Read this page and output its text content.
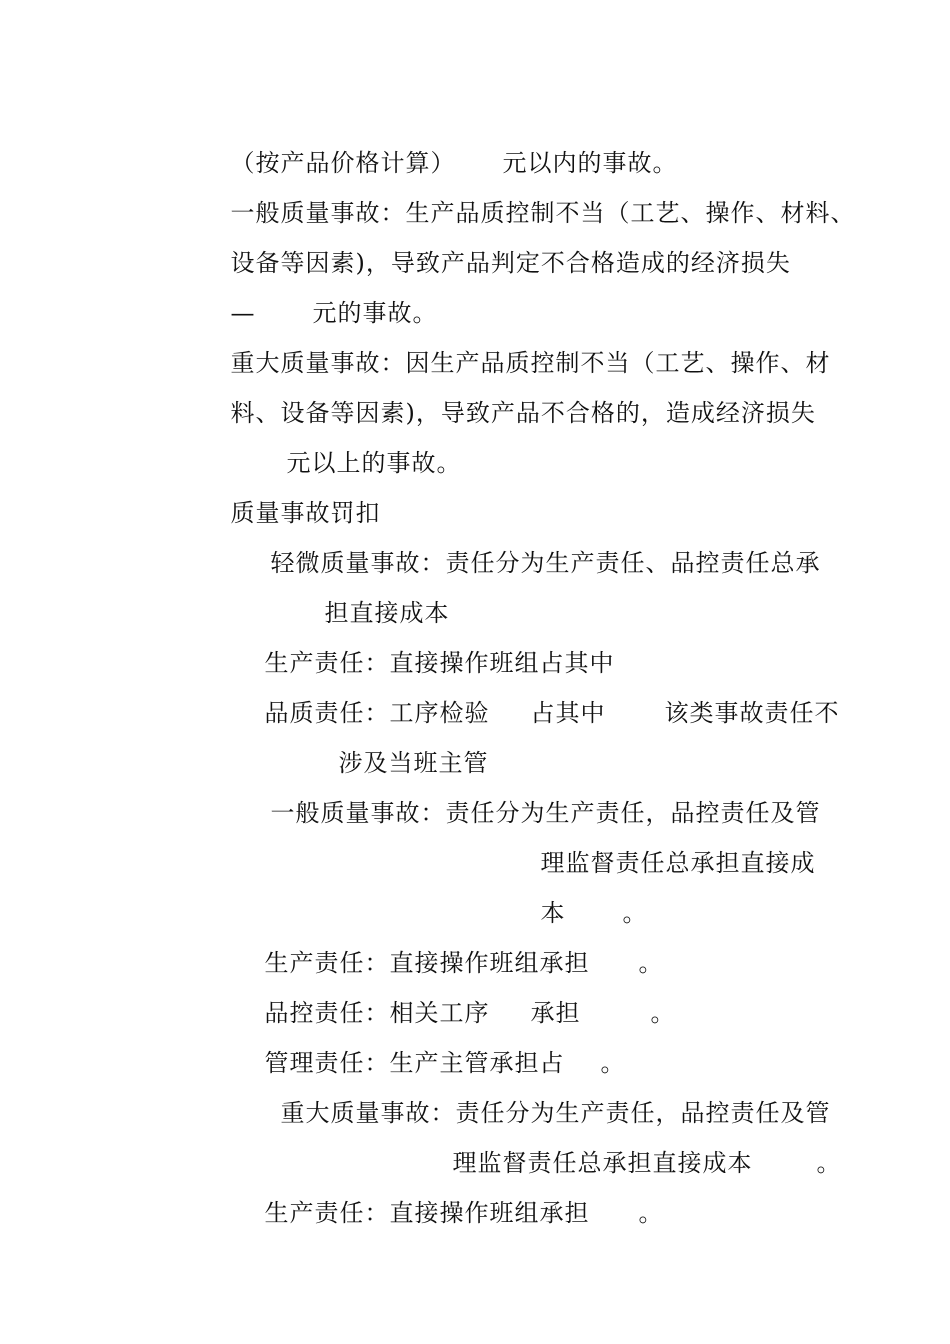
（按产品价格计算）
	元以内的事故。

一般质量事故：生产品质控制不当（工艺、操作、材料、

设备等因素)，导致产品判定不合格造成的经济损失

—
	元的事故。

重大质量事故：因生产品质控制不当（工艺、操作、材

料、设备等因素)，导致产品不合格的，造成经济损失

元以上的事故。

质量事故罚扣

轻微质量事故：责任分为生产责任、品控责任总承

担直接成本

生产责任：直接操作班组占其中

品质责任：工序检验
	占其中
	该类事故责任不

涉及当班主管

一般质量事故：责任分为生产责任，品控责任及管

理监督责任总承担直接成

本
	。

生产责任：直接操作班组承担
	。

品控责任：相关工序
	承担
	。

管理责任：生产主管承担占
	。

重大质量事故：责任分为生产责任，品控责任及管

理监督责任总承担直接成本
	。

生产责任：直接操作班组承担
	。
